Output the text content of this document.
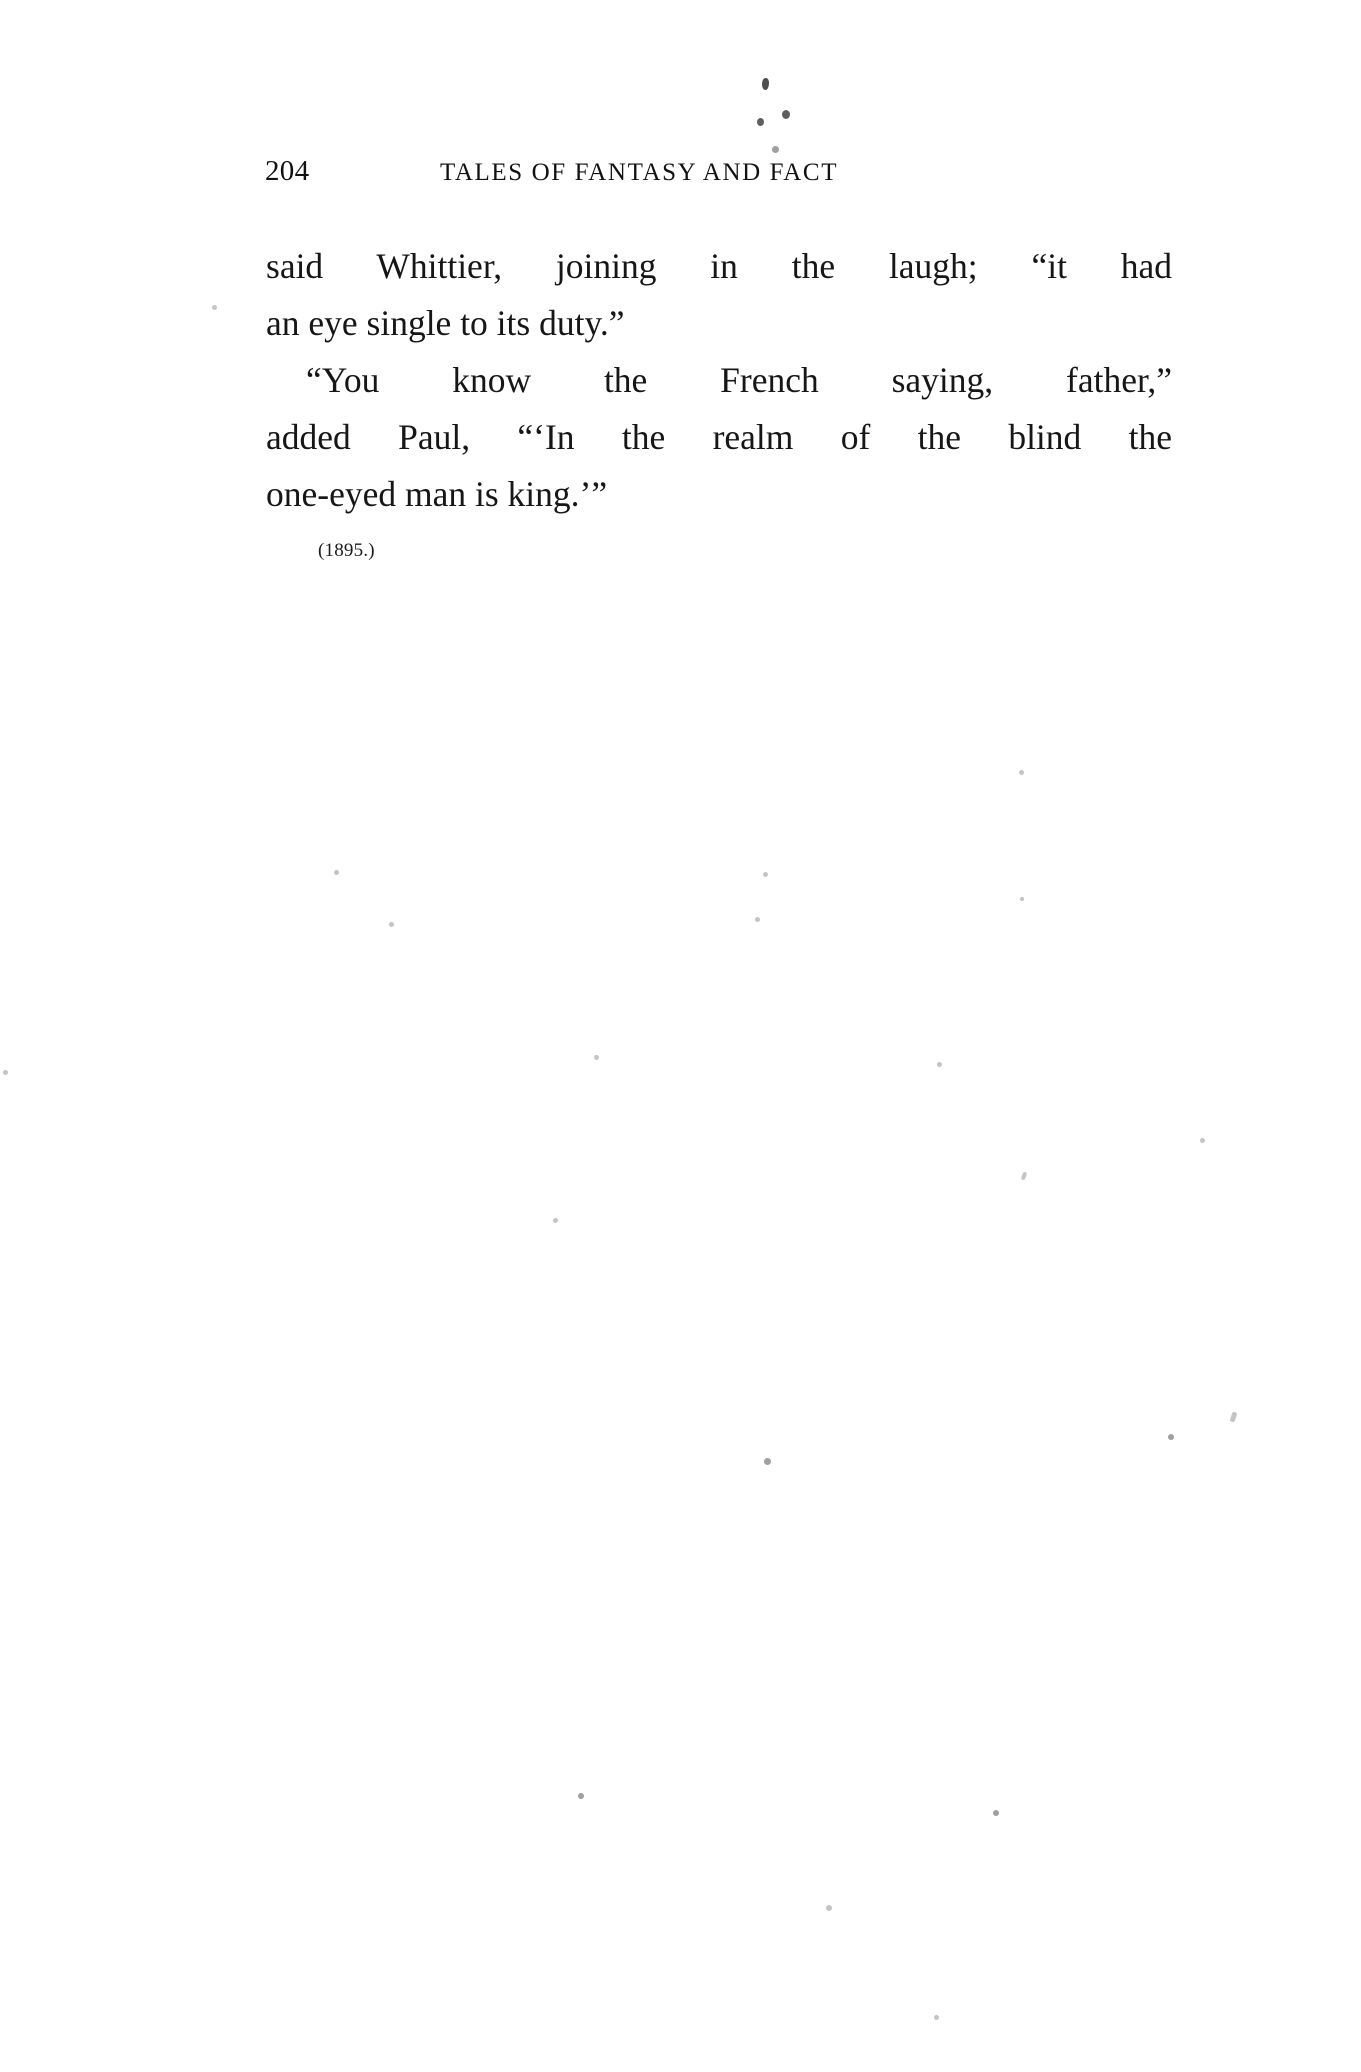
204	TALES OF FANTASY AND FACT

said Whittier, joining in the laugh; “it had
an eye single to its duty.”

“You know the French saying, father,”
added Paul, “‘In the realm of the blind the
one-eyed man is king.’”

(1895.)
